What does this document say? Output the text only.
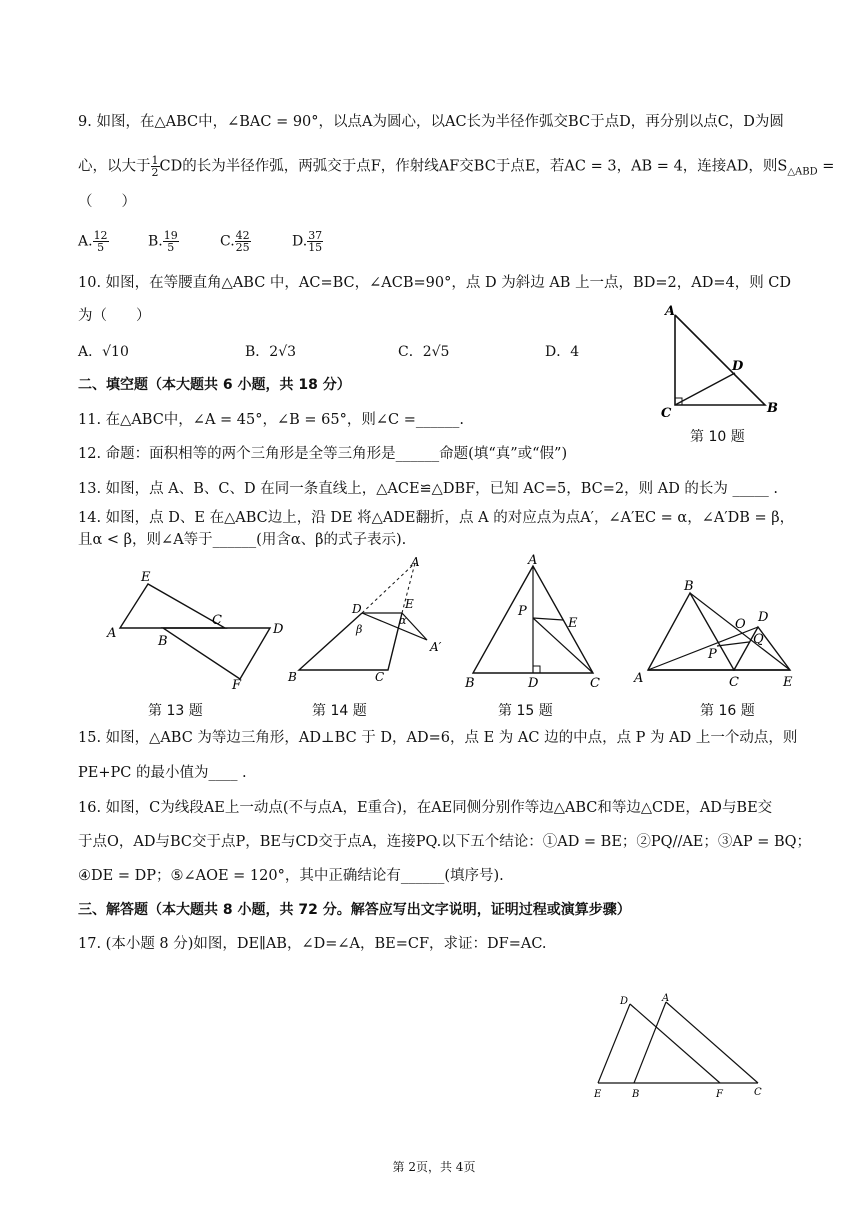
9. 如图，在△ABC中，∠BAC = 90°，以点A为圆心，以AC长为半径作弧交BC于点D，再分别以点C，D为圆
心，以大于 $\frac{1}{2}$ CD的长为半径作弧，两弧交于点F，作射线AF交BC于点E，若AC = 3，AB = 4，连接AD，则$S_{\triangle ABD}$ =
（　　）
A. $\frac{12}{5}$	B. $\frac{19}{5}$	C. $\frac{42}{25}$	D. $\frac{37}{15}$
10. 如图，在等腰直角△ABC 中，AC=BC，∠ACB=90°，点 D 为斜边 AB 上一点，BD=2，AD=4，则 CD
为（　　）
A．√10	B．2√3	C．2√5	D．4
A
D
C	B
第 10 题
二、填空题（本大题共 6 小题，共 18 分）
11. 在△ABC中，∠A = 45°，∠B = 65°，则∠C =______.
12. 命题：面积相等的两个三角形是全等三角形是______命题(填“真”或“假”)
13. 如图，点 A、B、C、D 在同一条直线上，△ACE≌△DBF，已知 AC=5，BC=2，则 AD 的长为 _____ .
14. 如图，点 D、E 在△ABC边上，沿 DE 将△ADE翻折，点 A 的对应点为点A′，∠A′EC = α，∠A′DB = β，
且α < β，则∠A等于______(用含α、β的式子表示).
E
A
B
C
D
F
第 13 题
A
D	E
α
β
A′
B	C
第 14 题
A
P
E
B	D	C
第 15 题
B
D
O
Q
P
A	C	E
第 16 题
15. 如图，△ABC 为等边三角形，AD⊥BC 于 D，AD=6，点 E 为 AC 边的中点，点 P 为 AD 上一个动点，则
PE+PC 的最小值为____ .
16. 如图，C为线段AE上一动点(不与点A，E重合)，在AE同侧分别作等边△ABC和等边△CDE，AD与BE交
于点O，AD与BC交于点P，BE与CD交于点A，连接PQ.以下五个结论：①AD = BE；②PQ//AE；③AP = BQ；
④DE = DP；⑤∠AOE = 120°，其中正确结论有______(填序号).
三、解答题（本大题共 8 小题，共 72 分。解答应写出文字说明，证明过程或演算步骤）
17. (本小题 8 分)如图，DE∥AB，∠D=∠A，BE=CF，求证：DF=AC.
D	A
E	B	F	C
第 2页，共 4页
